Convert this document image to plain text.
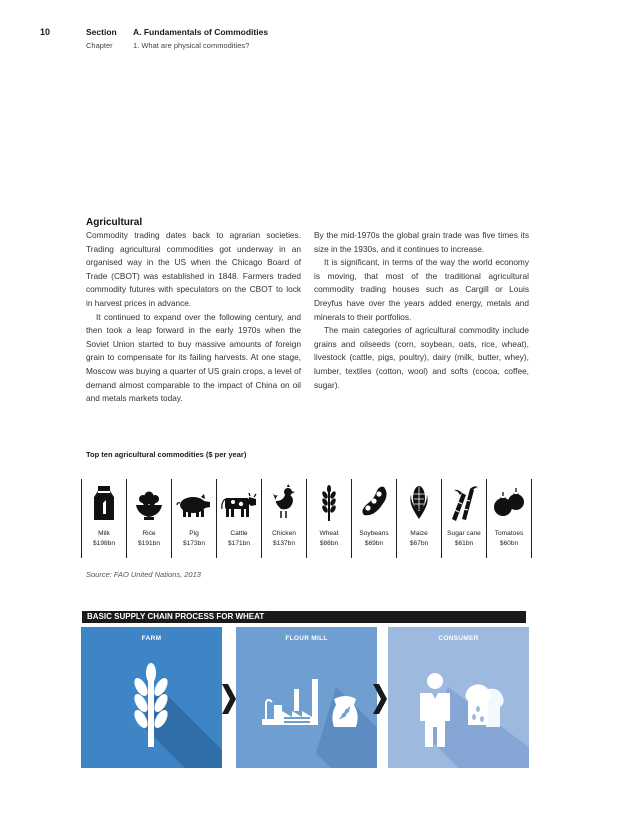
10	Section A. Fundamentals of Commodities
Chapter	1. What are physical commodities?
Agricultural

Commodity trading dates back to agrarian societies. Trading agricultural commodities got underway in an organised way in the US when the Chicago Board of Trade (CBOT) was established in 1848. Farmers traded commodity futures with speculators on the CBOT to lock in harvest prices in advance.

It continued to expand over the following century, and then took a leap forward in the early 1970s when the Soviet Union started to buy massive amounts of foreign grain to compensate for its failing harvests. At one stage, Moscow was buying a quarter of US grain crops, a level of demand almost comparable to the impact of China on oil and metals markets today.

By the mid-1970s the global grain trade was five times its size in the 1930s, and it continues to increase.

It is significant, in terms of the way the world economy is moving, that most of the traditional agricultural commodity trading houses such as Cargill or Louis Dreyfus have over the years added energy, metals and minerals to their portfolios.

The main categories of agricultural commodity include grains and oilseeds (corn, soybean, oats, rice, wheat), livestock (cattle, pigs, poultry), dairy (milk, butter, whey), lumber, textiles (cotton, wool) and softs (cocoa, coffee, sugar).

Top ten agricultural commodities ($ per year)
Milk
$198bn
Rice
$191bn
Pig
$173bn
Cattle
$171bn
Chicken
$137bn
Wheat
$86bn
Soybeans
$69bn
Maize
$67bn
Sugar cane
$61bn
Tomatoes
$60bn
Source: FAO United Nations, 2013
BASIC SUPPLY CHAIN PROCESS FOR WHEAT
FARM	FLOUR MILL	CONSUMER
